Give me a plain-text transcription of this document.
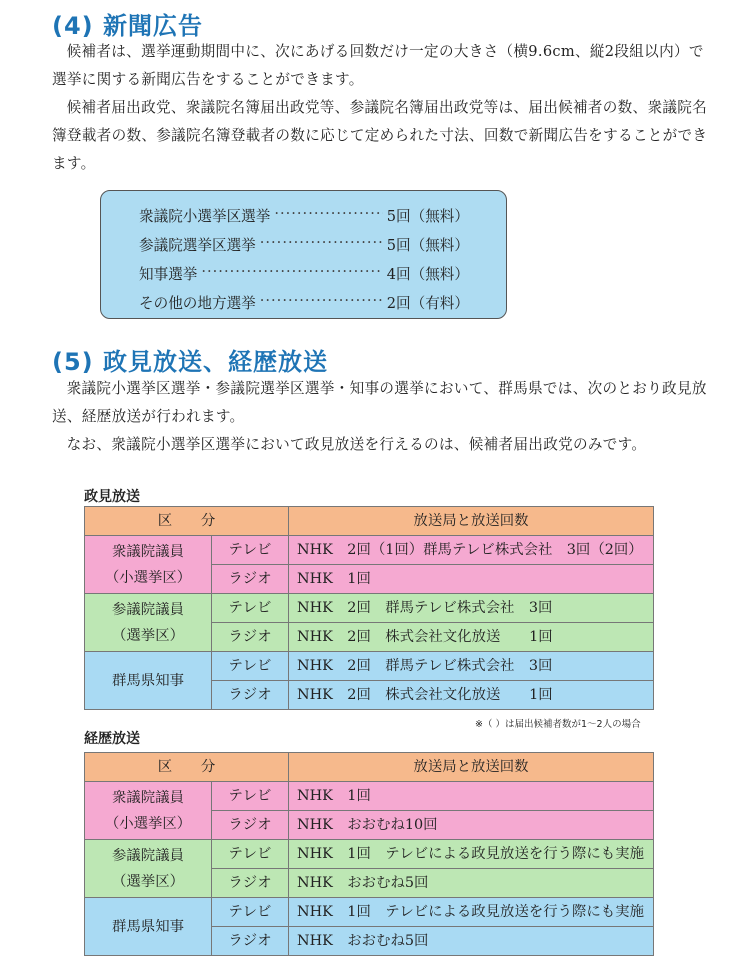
(4) 新聞広告

候補者は、選挙運動期間中に、次にあげる回数だけ一定の大きさ（横9.6cm、縦2段組以内）で選挙に関する新聞広告をすることができます。

候補者届出政党、衆議院名簿届出政党等、参議院名簿届出政党等は、届出候補者の数、衆議院名簿登載者の数、参議院名簿登載者の数に応じて定められた寸法、回数で新聞広告をすることができます。

衆議院小選挙区選挙 ·····	5回（無料）
参議院選挙区選挙 ·····	5回（無料）
知事選挙 ·····	4回（無料）
その他の地方選挙 ·····	2回（有料）
(5) 政見放送、経歴放送

衆議院小選挙区選挙・参議院選挙区選挙・知事の選挙において、群馬県では、次のとおり政見放送、経歴放送が行われます。

なお、衆議院小選挙区選挙において政見放送を行えるのは、候補者届出政党のみです。

政見放送
区　　分		放送局と放送回数
衆議院議員
（小選挙区）	テレビ	NHK　2回（1回）群馬テレビ株式会社　3回（2回）
	ラジオ	NHK　1回
参議院議員
（選挙区）	テレビ	NHK　2回　群馬テレビ株式会社　3回
	ラジオ	NHK　2回　株式会社文化放送　　1回
群馬県知事	テレビ	NHK　2回　群馬テレビ株式会社　3回
	ラジオ	NHK　2回　株式会社文化放送　　1回
※（ ）は届出候補者数が1～2人の場合
経歴放送
区　　分		放送局と放送回数
衆議院議員
（小選挙区）	テレビ	NHK　1回
	ラジオ	NHK　おおむね10回
参議院議員
（選挙区）	テレビ	NHK　1回　テレビによる政見放送を行う際にも実施
	ラジオ	NHK　おおむね5回
群馬県知事	テレビ	NHK　1回　テレビによる政見放送を行う際にも実施
	ラジオ	NHK　おおむね5回
